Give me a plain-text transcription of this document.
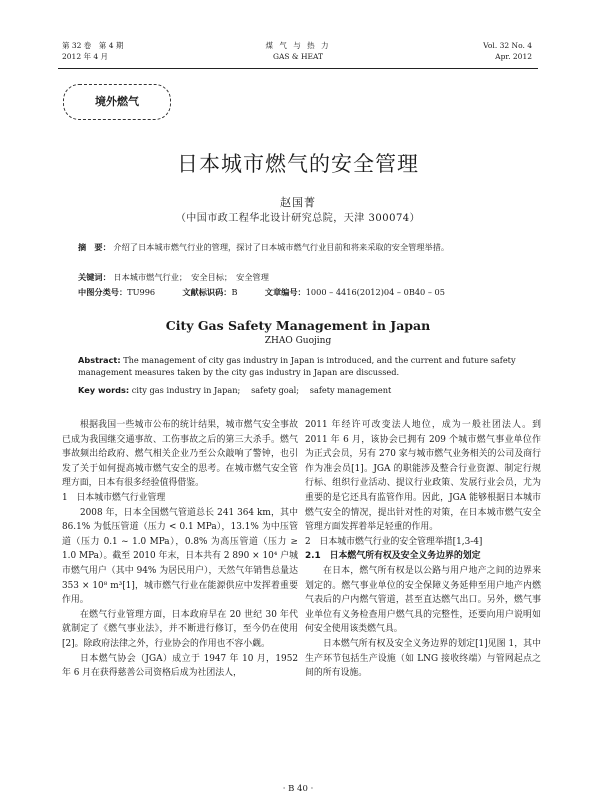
第 32 卷　第 4 期
2012 年 4 月
煤 气 与 热 力
GAS & HEAT
Vol. 32 No. 4
Apr. 2012
境外燃气
日本城市燃气的安全管理
赵国菁
（中国市政工程华北设计研究总院，天津 300074）
摘　要： 介绍了日本城市燃气行业的管理，探讨了日本城市燃气行业目前和将来采取的安全管理举措。
关键词： 日本城市燃气行业；　安全目标；　安全管理
中图分类号：TU996	文献标识码：B	文章编号：1000 – 4416(2012)04 – 0B40 – 05
City Gas Safety Management in Japan
ZHAO Guojing
Abstract: The management of city gas industry in Japan is introduced, and the current and future safety management measures taken by the city gas industry in Japan are discussed.
Key words: city gas industry in Japan;　 safety goal;　 safety management

根据我国一些城市公布的统计结果，城市燃气安全事故已成为我国继交通事故、工伤事故之后的第三大杀手。燃气事故频出给政府、燃气相关企业乃至公众敲响了警钟，也引发了关于如何提高城市燃气安全的思考。在城市燃气安全管理方面，日本有很多经验值得借鉴。

1　日本城市燃气行业管理

2008 年，日本全国燃气管道总长 241 364 km，其中 86.1% 为低压管道（压力 < 0.1 MPa），13.1% 为中压管道（压力 0.1 ~ 1.0 MPa），0.8% 为高压管道（压力 ≥ 1.0 MPa）。截至 2010 年末，日本共有 2 890 × 10⁴ 户城市燃气用户（其中 94% 为居民用户），天然气年销售总量达 353 × 10⁸ m³[1]，城市燃气行业在能源供应中发挥着重要作用。

在燃气行业管理方面，日本政府早在 20 世纪 30 年代就制定了《燃气事业法》，并不断进行修订，至今仍在使用[2]。除政府法律之外，行业协会的作用也不容小觑。

日本燃气协会（JGA）成立于 1947 年 10 月，1952 年 6 月在获得慈善公司资格后成为社团法人，

2011 年经许可改变法人地位，成为一般社团法人。到 2011 年 6 月，该协会已拥有 209 个城市燃气事业单位作为正式会员，另有 270 家与城市燃气业务相关的公司及商行作为准会员[1]。JGA 的职能涉及整合行业资源、制定行规行标、组织行业活动、提议行业政策、发展行业会员，尤为重要的是它还具有监管作用。因此，JGA 能够根据日本城市燃气安全的情况，提出针对性的对策，在日本城市燃气安全管理方面发挥着举足轻重的作用。

2　日本城市燃气行业的安全管理举措[1,3-4]

2.1　日本燃气所有权及安全义务边界的划定

在日本，燃气所有权是以公路与用户地产之间的边界来划定的。燃气事业单位的安全保障义务延伸至用户地产内燃气表后的户内燃气管道，甚至直达燃气出口。另外，燃气事业单位有义务检查用户燃气具的完整性，还要向用户说明如何安全使用该类燃气具。

日本燃气所有权及安全义务边界的划定[1]见图 1，其中生产环节包括生产设施（如 LNG 接收终端）与管网起点之间的所有设施。

· B 40 ·
